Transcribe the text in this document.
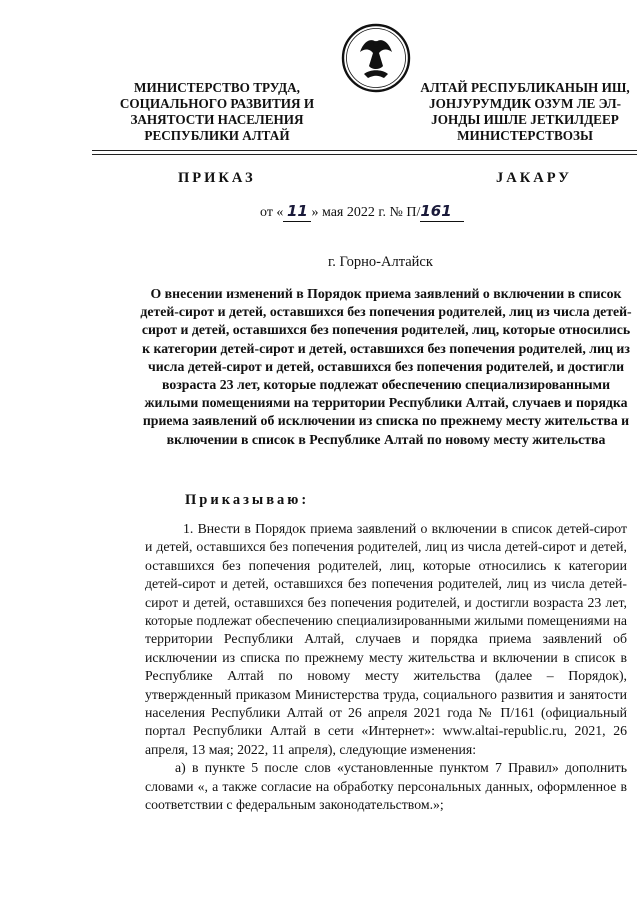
МИНИСТЕРСТВО ТРУДА,
СОЦИАЛЬНОГО РАЗВИТИЯ И
ЗАНЯТОСТИ НАСЕЛЕНИЯ
РЕСПУБЛИКИ АЛТАЙ
АЛТАЙ РЕСПУБЛИКАНЫН ИШ,
ЈОНЈУРУМДИК ОЗУМ ЛЕ ЭЛ-
ЈОНДЫ ИШЛЕ ЈЕТКИЛДЕЕР
МИНИСТЕРСТВОЗЫ
ПРИКАЗ	ЈАКАРУ
от « 11 » мая 2022 г. № П/161
г. Горно-Алтайск
О внесении изменений в Порядок приема заявлений о включении в список детей-сирот и детей, оставшихся без попечения родителей, лиц из числа детей-сирот и детей, оставшихся без попечения родителей, лиц, которые относились к категории детей-сирот и детей, оставшихся без попечения родителей, лиц из числа детей-сирот и детей, оставшихся без попечения родителей, и достигли возраста 23 лет, которые подлежат обеспечению специализированными жилыми помещениями на территории Республики Алтай, случаев и порядка приема заявлений об исключении из списка по прежнему месту жительства и включении в список в Республике Алтай по новому месту жительства
Приказываю:

1. Внести в Порядок приема заявлений о включении в список детей-сирот и детей, оставшихся без попечения родителей, лиц из числа детей-сирот и детей, оставшихся без попечения родителей, лиц, которые относились к категории детей-сирот и детей, оставшихся без попечения родителей, лиц из числа детей-сирот и детей, оставшихся без попечения родителей, и достигли возраста 23 лет, которые подлежат обеспечению специализированными жилыми помещениями на территории Республики Алтай, случаев и порядка приема заявлений об исключении из списка по прежнему месту жительства и включении в список в Республике Алтай по новому месту жительства (далее – Порядок), утвержденный приказом Министерства труда, социального развития и занятости населения Республики Алтай от 26 апреля 2021 года № П/161 (официальный портал Республики Алтай в сети «Интернет»: www.altai-republic.ru, 2021, 26 апреля, 13 мая; 2022, 11 апреля), следующие изменения:

а) в пункте 5 после слов «установленные пунктом 7 Правил» дополнить словами «, а также согласие на обработку персональных данных, оформленное в соответствии с федеральным законодательством.»;
